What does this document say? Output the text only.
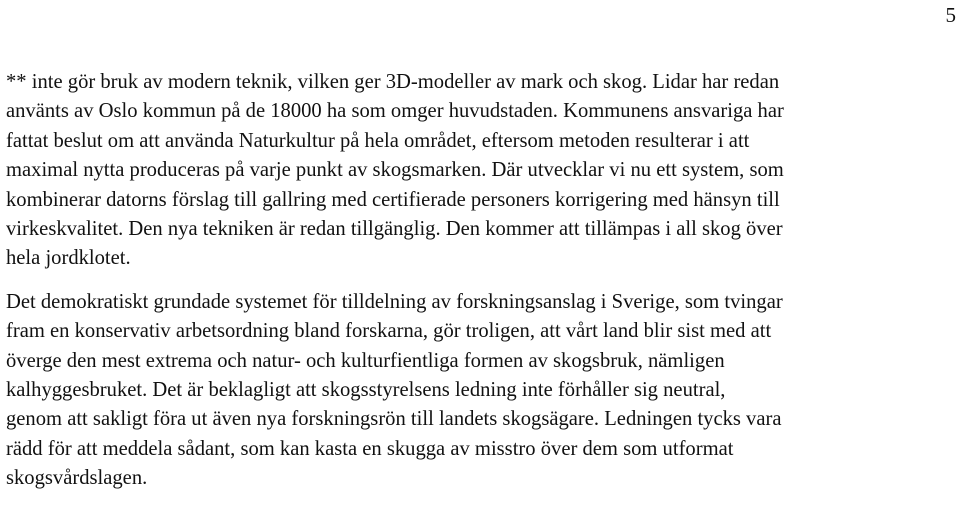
5

** inte gör bruk av modern teknik, vilken ger 3D-modeller av mark och skog. Lidar har redan
använts av Oslo kommun på de 18000 ha som omger huvudstaden. Kommunens ansvariga har
fattat beslut om att använda Naturkultur på hela området, eftersom metoden resulterar i att
maximal nytta produceras på varje punkt av skogsmarken. Där utvecklar vi nu ett system, som
kombinerar datorns förslag till gallring med certifierade personers korrigering med hänsyn till
virkeskvalitet. Den nya tekniken är redan tillgänglig. Den kommer att tillämpas i all skog över
hela jordklotet.

Det demokratiskt grundade systemet för tilldelning av forskningsanslag i Sverige, som tvingar
fram en konservativ arbetsordning bland forskarna, gör troligen, att vårt land blir sist med att
överge den mest extrema och natur- och kulturfientliga formen av skogsbruk, nämligen
kalhyggesbruket. Det är beklagligt att skogsstyrelsens ledning inte förhåller sig neutral,
genom att sakligt föra ut även nya forskningsrön till landets skogsägare. Ledningen tycks vara
rädd för att meddela sådant, som kan kasta en skugga av misstro över dem som utformat
skogsvårdslagen.
